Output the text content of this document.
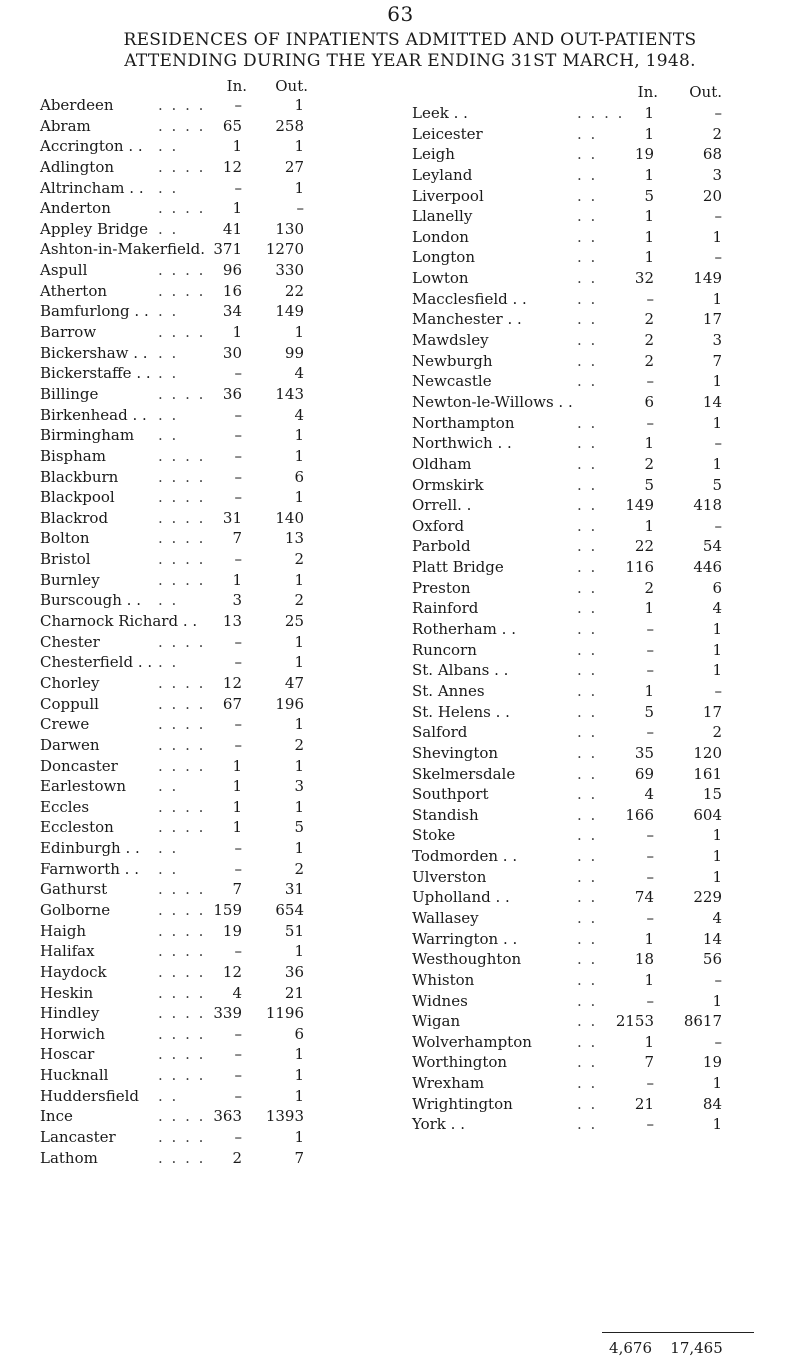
63
RESIDENCES OF INPATIENTS ADMITTED AND OUT-PATIENTS
ATTENDING DURING THE YEAR ENDING 31ST MARCH, 1948.
In.	Out.
Aberdeen	. . . .	–	1
Abram	. . . .	65	258
Accrington . . . .	1	1
Adlington	. . . .	12	27
Altrincham . . . .	–	1
Anderton	. . . .	1	–
Appley Bridge . .	41	130
Ashton-in-Makerfield. 371	1270
Aspull	. . . .	96	330
Atherton	. . . .	16	22
Bamfurlong . . . .	34	149
Barrow	. . . .	1	1
Bickershaw . . . .	30	99
Bickerstaffe . . . .	–	4
Billinge	. . . .	36	143
Birkenhead . . . .	–	4
Birmingham . .	–	1
Bispham	. . . .	–	1
Blackburn	. . . .	–	6
Blackpool	. . . .	–	1
Blackrod	. . . .	31	140
Bolton	. . . .	7	13
Bristol	. . . .	–	2
Burnley	. . . .	1	1
Burscough . . . .	3	2
Charnock Richard . .	13	25
Chester	. . . .	–	1
Chesterfield . . . .	–	1
Chorley	. . . .	12	47
Coppull	. . . .	67	196
Crewe	. . . .	–	1
Darwen	. . . .	–	2
Doncaster	. . . .	1	1
Earlestown . .	1	3
Eccles	. . . .	1	1
Eccleston	. . . .	1	5
Edinburgh . . . .	–	1
Farnworth . . . .	–	2
Gathurst	. . . .	7	31
Golborne	. . . . 159	654
Haigh	. . . .	19	51
Halifax	. . . .	–	1
Haydock	. . . .	12	36
Heskin	. . . .	4	21
Hindley	. . . . 339	1196
Horwich	. . . .	–	6
Hoscar	. . . .	–	1
Hucknall	. . . .	–	1
Huddersfield . .	–	1
Ince	. . . . 363	1393
Lancaster	. . . .	–	1
Lathom	. . . .	2	7
In.	Out.
Leek . .	. . . .	1	–
Leicester	. .	1	2
Leigh	. .	19	68
Leyland	. .	1	3
Liverpool	. .	5	20
Llanelly	. .	1	–
London	. .	1	1
Longton	. .	1	–
Lowton	. .	32	149
Macclesfield . .	. .	–	1
Manchester . .	. .	2	17
Mawdsley	. .	2	3
Newburgh	. .	2	7
Newcastle	. .	–	1
Newton-le-Willows . .	6	14
Northampton	. .	–	1
Northwich . .	. .	1	–
Oldham	. .	2	1
Ormskirk	. .	5	5
Orrell. .	. .	149	418
Oxford	. .	1	–
Parbold	. .	22	54
Platt Bridge	. .	116	446
Preston	. .	2	6
Rainford	. .	1	4
Rotherham . .	. .	–	1
Runcorn	. .	–	1
St. Albans . .	. .	–	1
St. Annes	. .	1	–
St. Helens . .	. .	5	17
Salford	. .	–	2
Shevington	. .	35	120
Skelmersdale	. .	69	161
Southport	. .	4	15
Standish	. .	166	604
Stoke	. .	–	1
Todmorden . .	. .	–	1
Ulverston	. .	–	1
Upholland . .	. .	74	229
Wallasey	. .	–	4
Warrington . .	. .	1	14
Westhoughton	. .	18	56
Whiston	. .	1	–
Widnes	. .	–	1
Wigan	. . 2153	8617
Wolverhampton	. .	1	–
Worthington	. .	7	19
Wrexham	. .	–	1
Wrightington	. .	21	84
York . .	. .	–	1
4,676 17,465
